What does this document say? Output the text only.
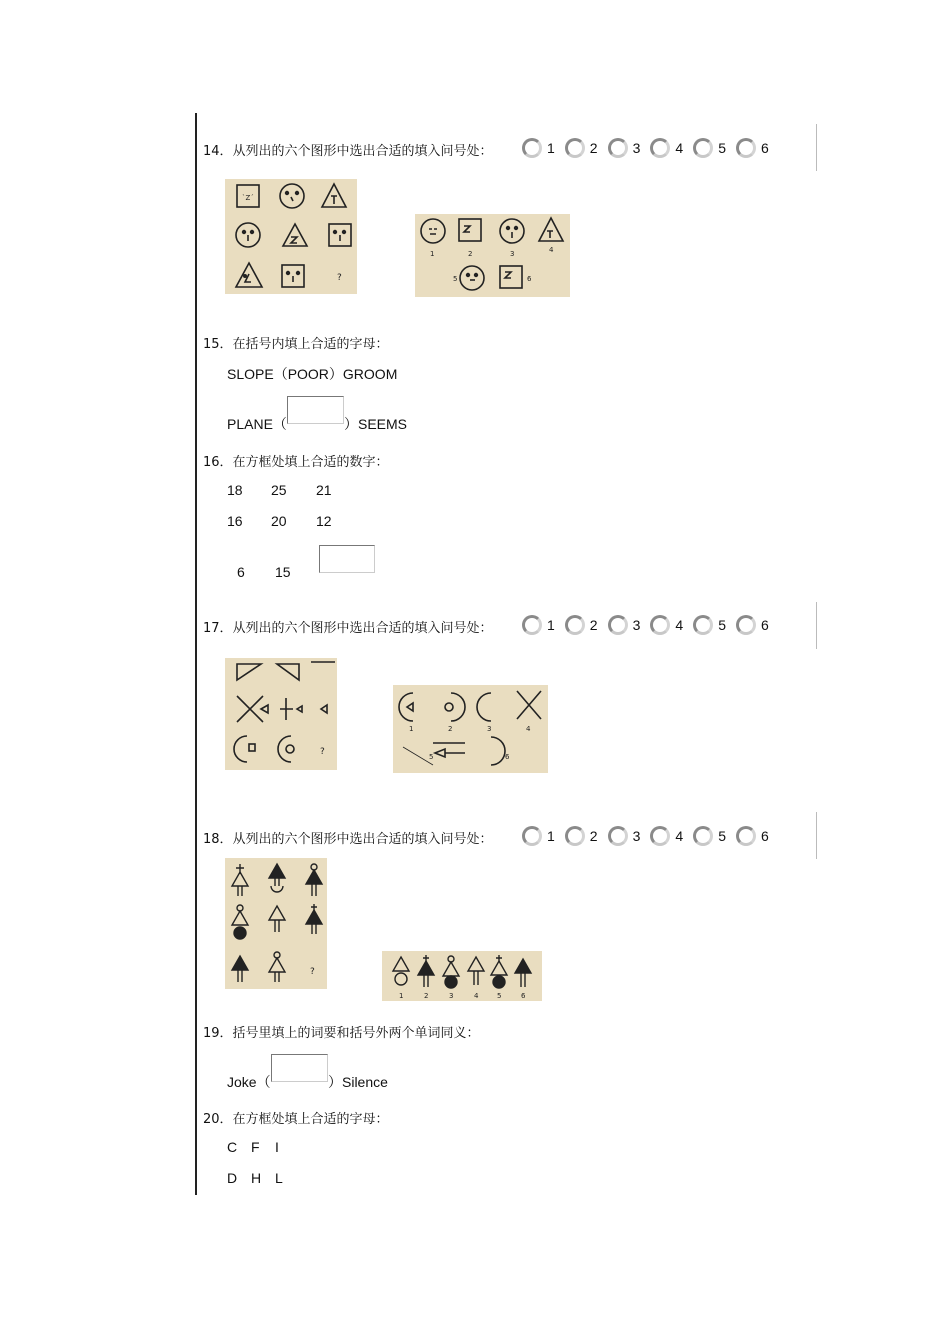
14．从列出的六个图形中选出合适的填入问号处：	1	2	3	4	5	6
ˋZˊ
?
1	2	3	4
5	6
15．在括号内填上合适的字母：
SLOPE（POOR）GROOM
PLANE（	）SEEMS
16．在方框处填上合适的数字：
18 25 21
16 20 12
6 15
17．从列出的六个图形中选出合适的填入问号处：	1	2	3	4	5	6
?
1	2	3	4
5	6
18．从列出的六个图形中选出合适的填入问号处：	1	2	3	4	5	6
?
1	2	3	4	5	6
19．括号里填上的词要和括号外两个单词同义：
Joke（	）Silence
20．在方框处填上合适的字母：
C F I
D H L
